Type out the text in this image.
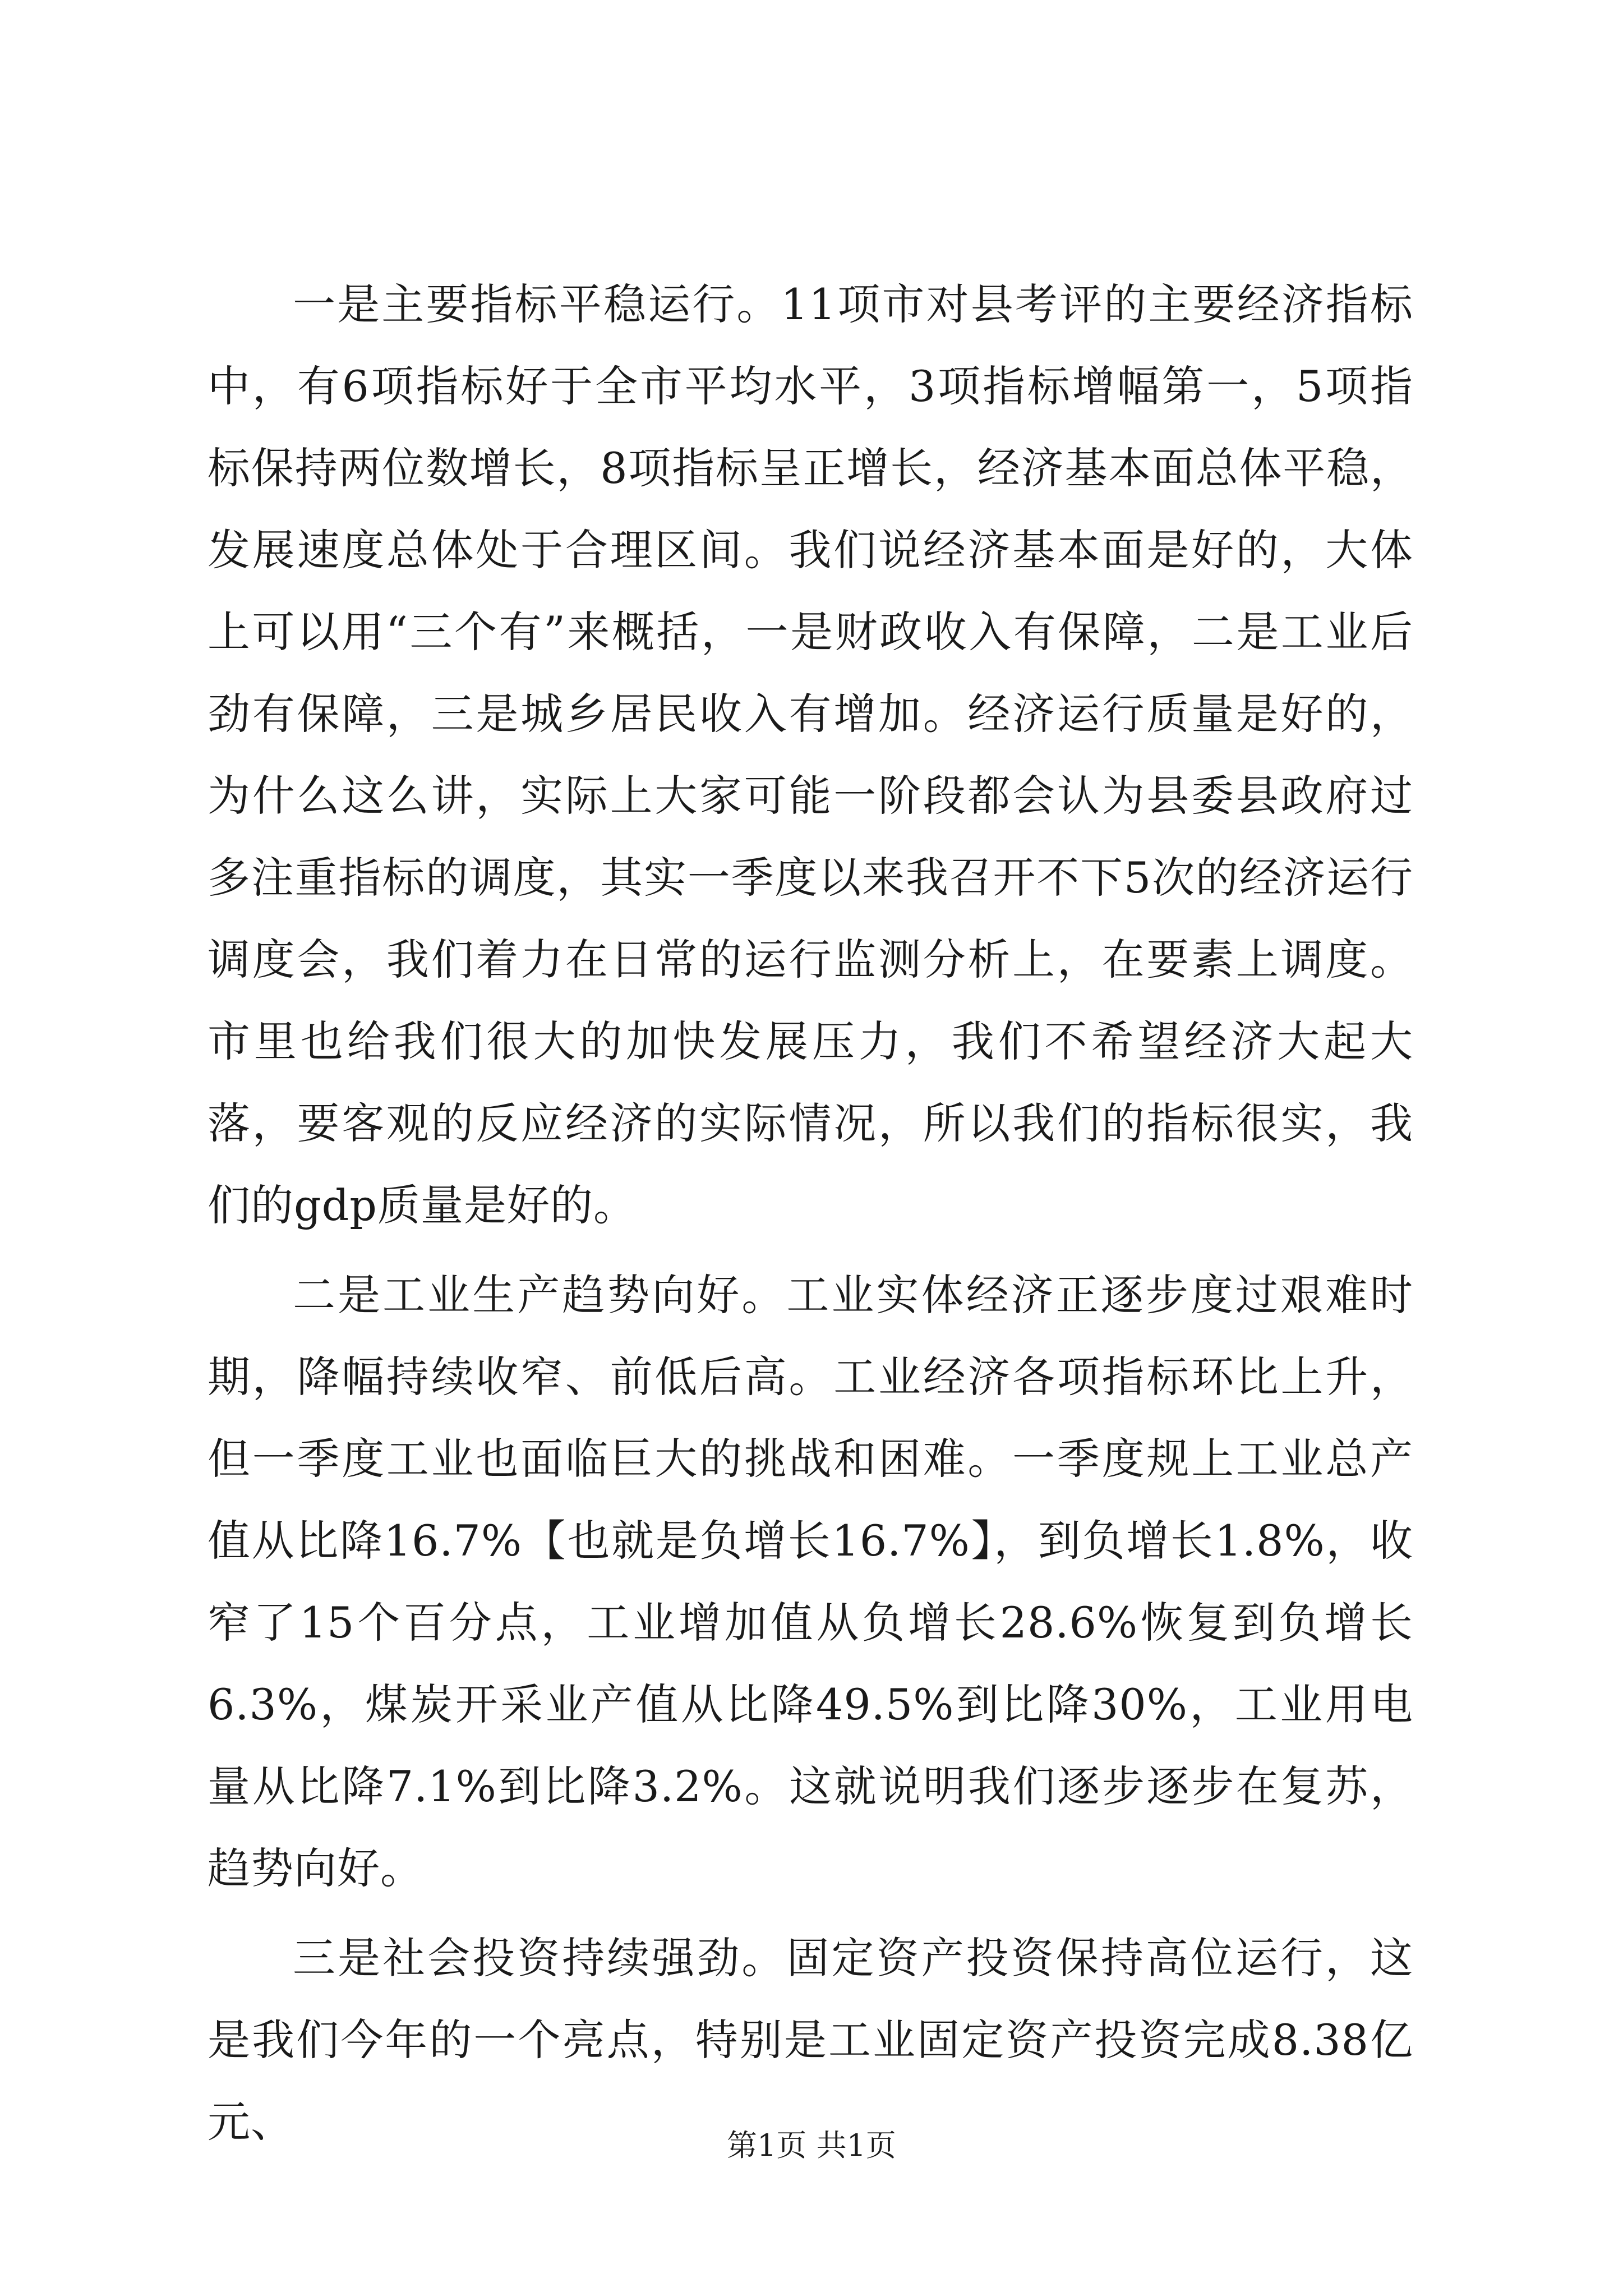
一是主要指标平稳运行。11项市对县考评的主要经济指标中，有6项指标好于全市平均水平，3项指标增幅第一，5项指标保持两位数增长，8项指标呈正增长，经济基本面总体平稳，发展速度总体处于合理区间。我们说经济基本面是好的，大体上可以用“三个有”来概括，一是财政收入有保障，二是工业后劲有保障，三是城乡居民收入有增加。经济运行质量是好的，为什么这么讲，实际上大家可能一阶段都会认为县委县政府过多注重指标的调度，其实一季度以来我召开不下5次的经济运行调度会，我们着力在日常的运行监测分析上，在要素上调度。市里也给我们很大的加快发展压力，我们不希望经济大起大落，要客观的反应经济的实际情况，所以我们的指标很实，我们的gdp质量是好的。

二是工业生产趋势向好。工业实体经济正逐步度过艰难时期，降幅持续收窄、前低后高。工业经济各项指标环比上升，但一季度工业也面临巨大的挑战和困难。一季度规上工业总产值从比降16.7%【也就是负增长16.7%】，到负增长1.8%，收窄了15个百分点，工业增加值从负增长28.6%恢复到负增长6.3%，煤炭开采业产值从比降49.5%到比降30%，工业用电量从比降7.1%到比降3.2%。这就说明我们逐步逐步在复苏，趋势向好。

三是社会投资持续强劲。固定资产投资保持高位运行，这是我们今年的一个亮点，特别是工业固定资产投资完成8.38亿元、	第1页 共1页
